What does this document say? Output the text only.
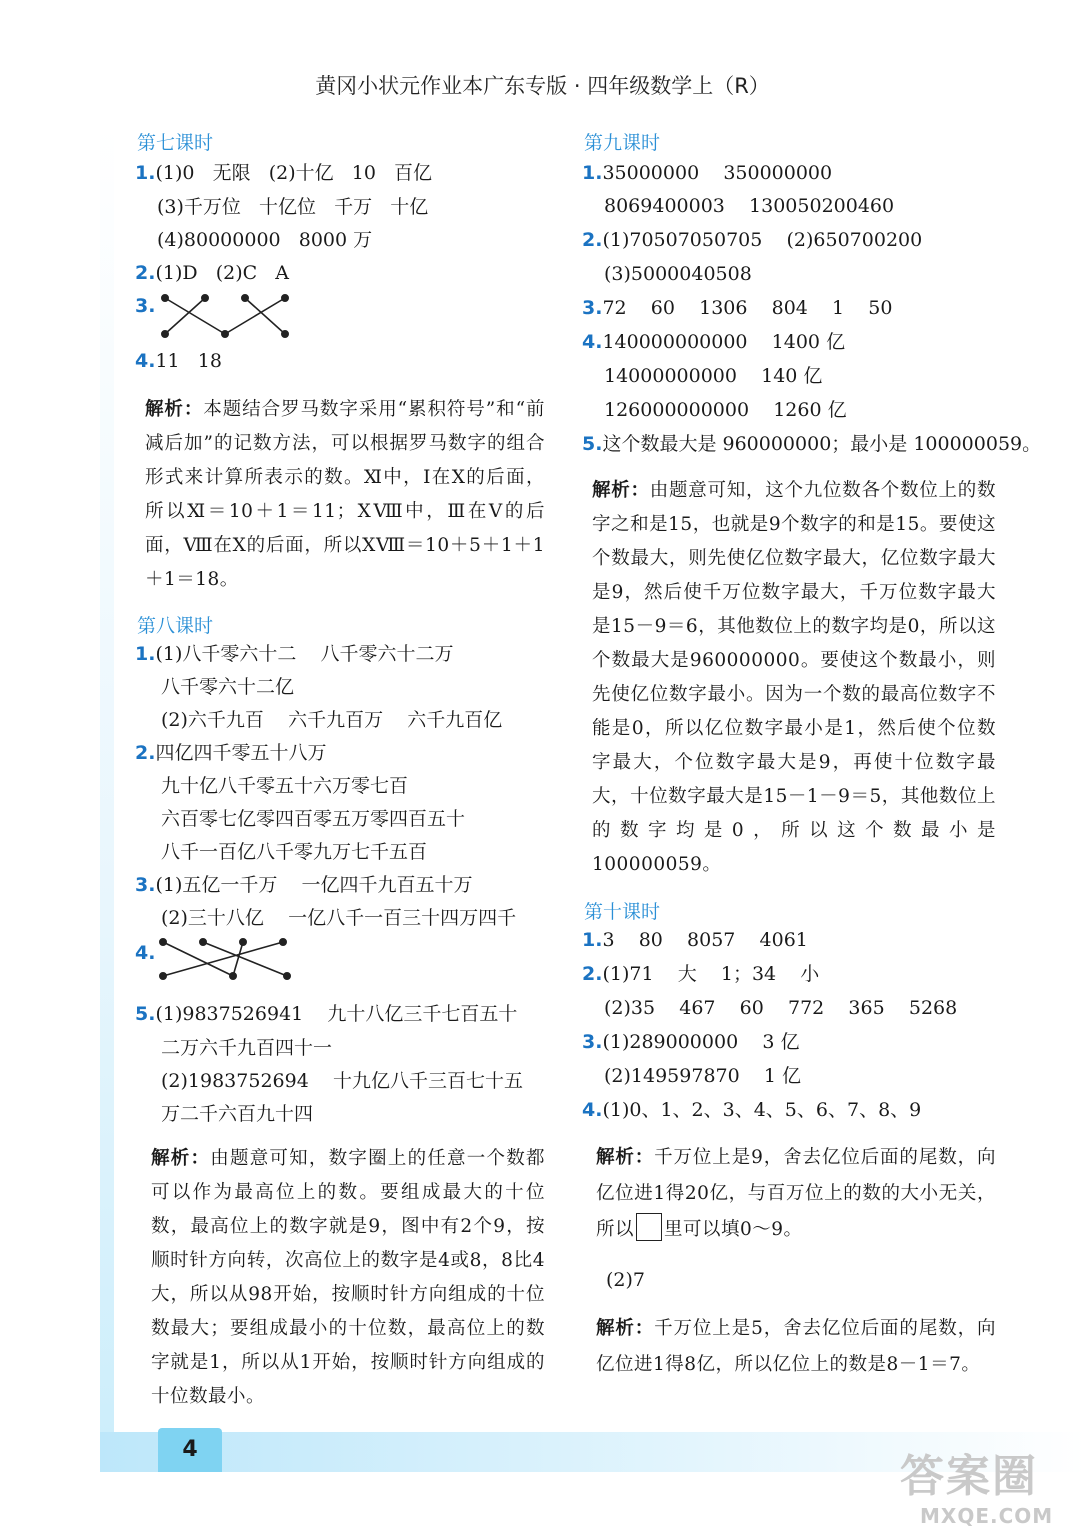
黄冈小状元作业本广东专版 · 四年级数学上（R）
第七课时
1.(1)0   无限   (2)十亿   10   百亿
(3)千万位   十亿位   千万   十亿
(4)80000000   8000 万
2.(1)D   (2)C   A
3.
4.11   18
解析：本题结合罗马数字采用“累积符号”和“前减后加”的记数方法，可以根据罗马数字的组合形式来计算所表示的数。Ⅺ中，Ⅰ在Ⅹ的后面，所以Ⅺ＝10＋1＝11；ⅩⅧ中，Ⅲ在Ⅴ的后面，Ⅷ在Ⅹ的后面，所以ⅩⅧ＝10＋5＋1＋1＋1＝18。
第八课时
1.(1)八千零六十二    八千零六十二万
八千零六十二亿
(2)六千九百    六千九百万    六千九百亿
2.四亿四千零五十八万
九十亿八千零五十六万零七百
六百零七亿零四百零五万零四百五十
八千一百亿八千零九万七千五百
3.(1)五亿一千万    一亿四千九百五十万
(2)三十八亿    一亿八千一百三十四万四千
4.
5.(1)9837526941    九十八亿三千七百五十
二万六千九百四十一
(2)1983752694    十九亿八千三百七十五
万二千六百九十四
解析：由题意可知，数字圈上的任意一个数都可以作为最高位上的数。要组成最大的十位数，最高位上的数字就是9，图中有2个9，按顺时针方向转，次高位上的数字是4或8，8比4大，所以从98开始，按顺时针方向组成的十位数最大；要组成最小的十位数，最高位上的数字就是1，所以从1开始，按顺时针方向组成的十位数最小。
第九课时
1.35000000    350000000
8069400003    130050200460
2.(1)70507050705    (2)650700200
(3)5000040508
3.72    60    1306    804    1    50
4.140000000000    1400 亿
14000000000    140 亿
126000000000    1260 亿
5.这个数最大是 960000000；最小是 100000059。
解析：由题意可知，这个九位数各个数位上的数字之和是15，也就是9个数字的和是15。要使这个数最大，则先使亿位数字最大，亿位数字最大是9，然后使千万位数字最大，千万位数字最大是15－9＝6，其他数位上的数字均是0，所以这个数最大是960000000。要使这个数最小，则先使亿位数字最小。因为一个数的最高位数字不能是0，所以亿位数字最小是1，然后使个位数字最大，个位数字最大是9，再使十位数字最大，十位数字最大是15－1－9＝5，其他数位上的数字均是0，所以这个数最小是100000059。
第十课时
1.3    80    8057    4061
2.(1)71    大    1；34    小
(2)35    467    60    772    365    5268
3.(1)289000000    3 亿
(2)149597870    1 亿
4.(1)0、1、2、3、4、5、6、7、8、9
解析：千万位上是9，舍去亿位后面的尾数，向亿位进1得20亿，与百万位上的数的大小无关，所以 里可以填0～9。
(2)7
解析：千万位上是5，舍去亿位后面的尾数，向亿位进1得8亿，所以亿位上的数是8－1＝7。
4
答案圈
MXQE.COM
